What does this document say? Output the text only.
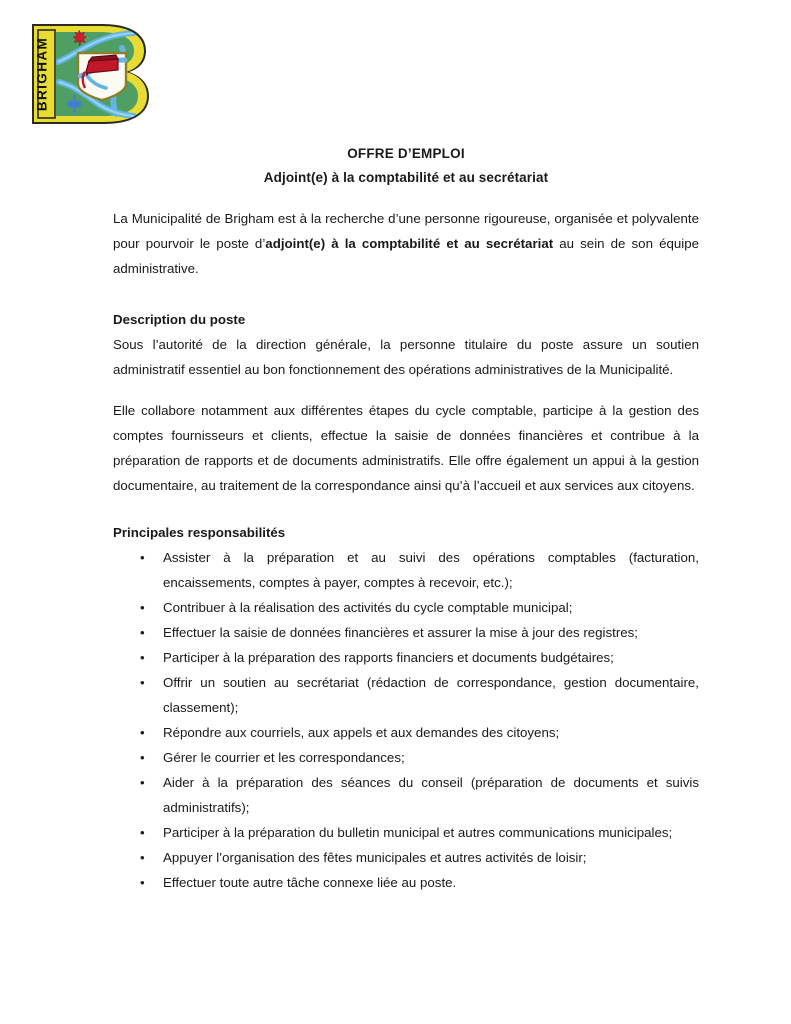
BRIGHAM
OFFRE D’EMPLOI
Adjoint(e) à la comptabilité et au secrétariat

La Municipalité de Brigham est à la recherche d’une personne rigoureuse, organisée et polyvalente pour pourvoir le poste d’adjoint(e) à la comptabilité et au secrétariat au sein de son équipe administrative.

Description du poste

Sous l’autorité de la direction générale, la personne titulaire du poste assure un soutien administratif essentiel au bon fonctionnement des opérations administratives de la Municipalité.

Elle collabore notamment aux différentes étapes du cycle comptable, participe à la gestion des comptes fournisseurs et clients, effectue la saisie de données financières et contribue à la préparation de rapports et de documents administratifs. Elle offre également un appui à la gestion documentaire, au traitement de la correspondance ainsi qu’à l’accueil et aux services aux citoyens.

Principales responsabilités
• Assister à la préparation et au suivi des opérations comptables (facturation, encaissements, comptes à payer, comptes à recevoir, etc.);
• Contribuer à la réalisation des activités du cycle comptable municipal;
• Effectuer la saisie de données financières et assurer la mise à jour des registres;
• Participer à la préparation des rapports financiers et documents budgétaires;
• Offrir un soutien au secrétariat (rédaction de correspondance, gestion documentaire, classement);
• Répondre aux courriels, aux appels et aux demandes des citoyens;
• Gérer le courrier et les correspondances;
• Aider à la préparation des séances du conseil (préparation de documents et suivis administratifs);
• Participer à la préparation du bulletin municipal et autres communications municipales;
• Appuyer l’organisation des fêtes municipales et autres activités de loisir;
• Effectuer toute autre tâche connexe liée au poste.
